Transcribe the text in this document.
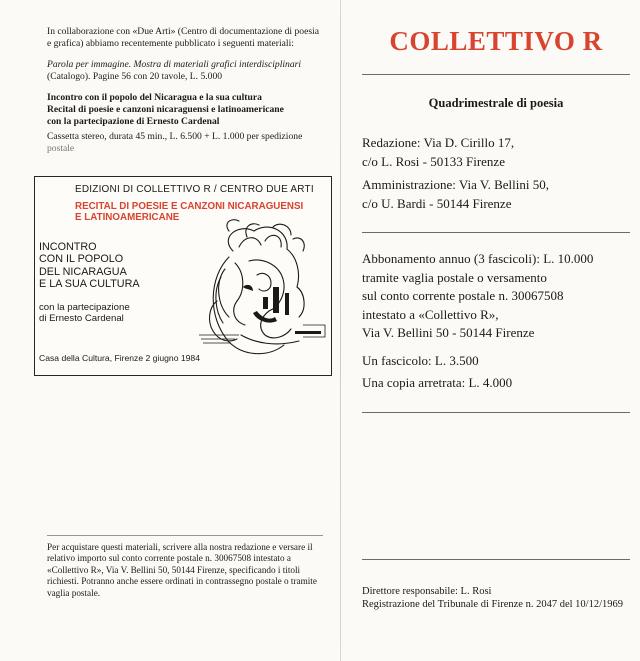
In collaborazione con «Due Arti» (Centro di documentazione di poesia e grafica) abbiamo recentemente pubblicato i seguenti materiali:

Parola per immagine. Mostra di materiali grafici interdisciplinari
(Catalogo). Pagine 56 con 20 tavole, L. 5.000

Incontro con il popolo del Nicaragua e la sua cultura
Recital di poesie e canzoni nicaraguensi e latinoamericane
con la partecipazione di Ernesto Cardenal

Cassetta stereo, durata 45 min., L. 6.500 + L. 1.000 per spedizione
postale

EDIZIONI DI COLLETTIVO R / CENTRO DUE ARTI
RECITAL DI POESIE E CANZONI NICARAGUENSI
E LATINOAMERICANE
INCONTRO
CON IL POPOLO
DEL NICARAGUA
E LA SUA CULTURA
con la partecipazione
di Ernesto Cardenal
Casa della Cultura, Firenze 2 giugno 1984

Per acquistare questi materiali, scrivere alla nostra redazione e versare il relativo importo sul conto corrente postale n. 30067508 intestato a «Collettivo R», Via V. Bellini 50, 50144 Firenze, specificando i titoli richiesti. Potranno anche essere ordinati in contrassegno postale o tramite vaglia postale.

COLLETTIVO R
Quadrimestrale di poesia
Redazione: Via D. Cirillo 17,
c/o L. Rosi - 50133 Firenze
Amministrazione: Via V. Bellini 50,
c/o U. Bardi - 50144 Firenze
Abbonamento annuo (3 fascicoli): L. 10.000
tramite vaglia postale o versamento
sul conto corrente postale n. 30067508
intestato a «Collettivo R»,
Via V. Bellini 50 - 50144 Firenze
Un fascicolo: L. 3.500
Una copia arretrata: L. 4.000
Direttore responsabile: L. Rosi
Registrazione del Tribunale di Firenze n. 2047 del 10/12/1969
